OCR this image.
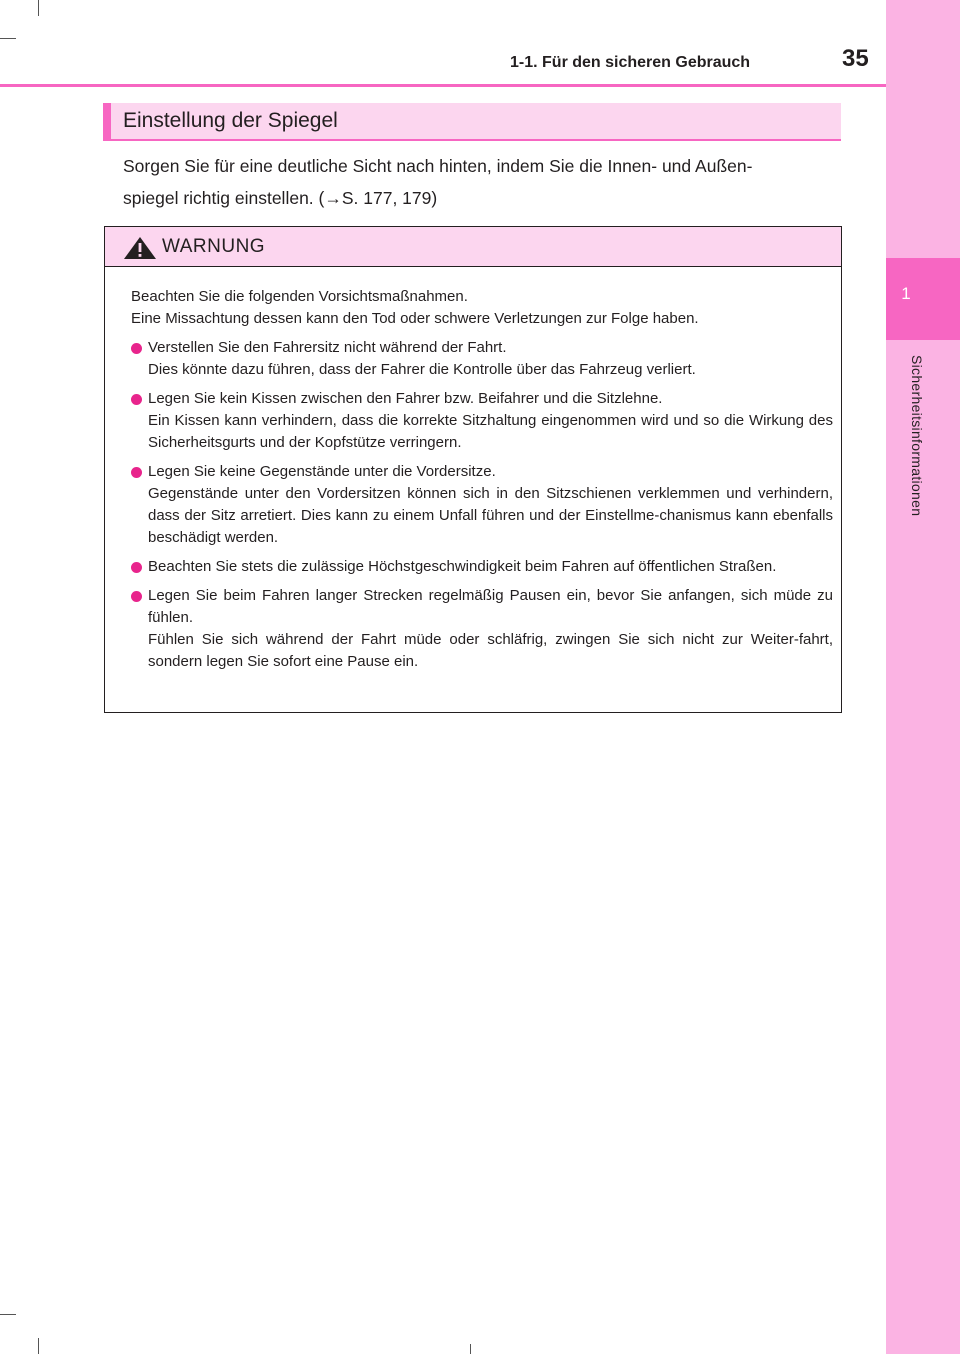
1
Sicherheitsinformationen
1-1. Für den sicheren Gebrauch	35
Einstellung der Spiegel
Sorgen Sie für eine deutliche Sicht nach hinten, indem Sie die Innen- und Außen-
spiegel richtig einstellen. (→S. 177, 179)
WARNUNG

Beachten Sie die folgenden Vorsichtsmaßnahmen.

Eine Missachtung dessen kann den Tod oder schwere Verletzungen zur Folge haben.

Verstellen Sie den Fahrersitz nicht während der Fahrt.
Dies könnte dazu führen, dass der Fahrer die Kontrolle über das Fahrzeug verliert.
Legen Sie kein Kissen zwischen den Fahrer bzw. Beifahrer und die Sitzlehne.
Ein Kissen kann verhindern, dass die korrekte Sitzhaltung eingenommen wird und so die Wirkung des Sicherheitsgurts und der Kopfstütze verringern.
Legen Sie keine Gegenstände unter die Vordersitze.
Gegenstände unter den Vordersitzen können sich in den Sitzschienen verklemmen und verhindern, dass der Sitz arretiert. Dies kann zu einem Unfall führen und der Einstellme-chanismus kann ebenfalls beschädigt werden.
Beachten Sie stets die zulässige Höchstgeschwindigkeit beim Fahren auf öffentlichen Straßen.
Legen Sie beim Fahren langer Strecken regelmäßig Pausen ein, bevor Sie anfangen, sich müde zu fühlen.
Fühlen Sie sich während der Fahrt müde oder schläfrig, zwingen Sie sich nicht zur Weiter-fahrt, sondern legen Sie sofort eine Pause ein.
